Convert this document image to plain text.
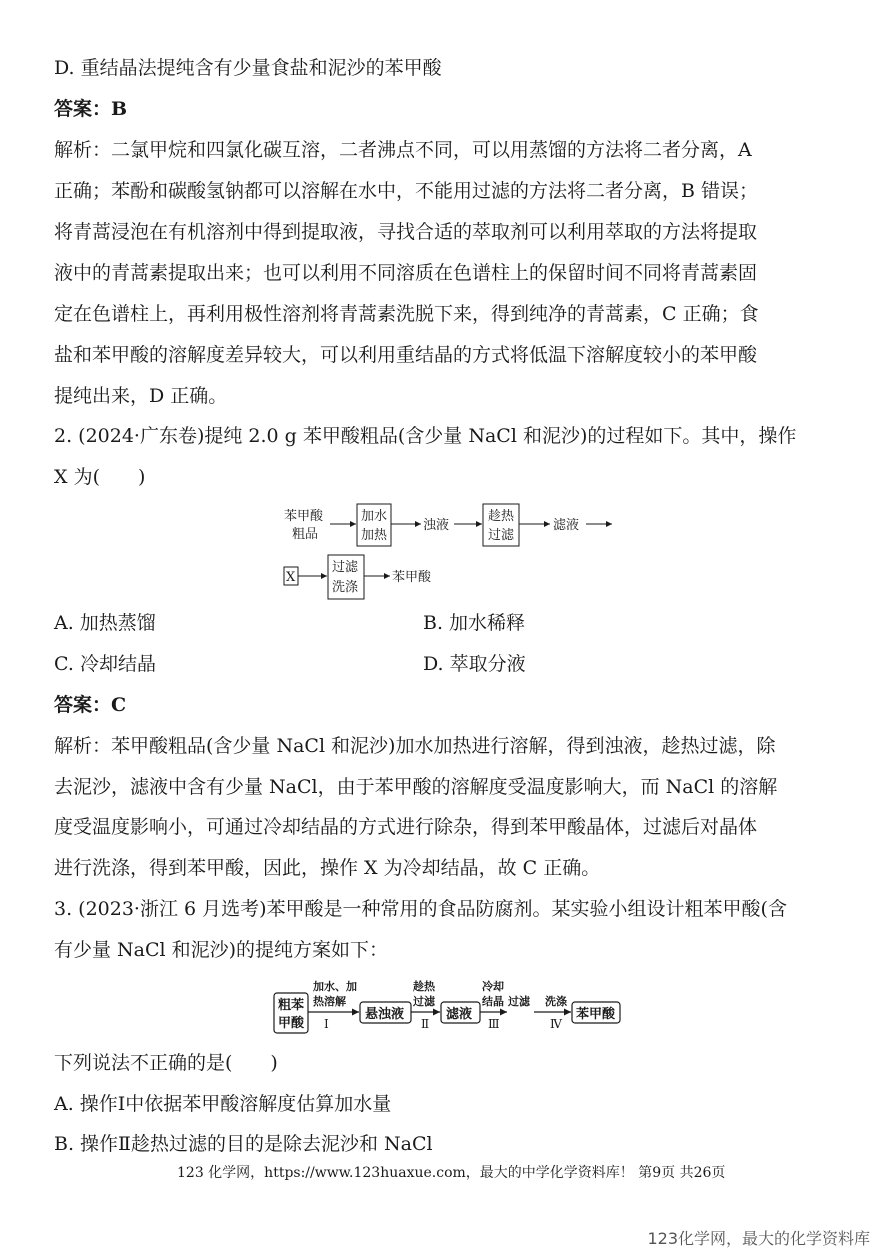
D. 重结晶法提纯含有少量食盐和泥沙的苯甲酸
答案：B
解析：二氯甲烷和四氯化碳互溶，二者沸点不同，可以用蒸馏的方法将二者分离，A
正确；苯酚和碳酸氢钠都可以溶解在水中，不能用过滤的方法将二者分离，B 错误；
将青蒿浸泡在有机溶剂中得到提取液，寻找合适的萃取剂可以利用萃取的方法将提取
液中的青蒿素提取出来；也可以利用不同溶质在色谱柱上的保留时间不同将青蒿素固
定在色谱柱上，再利用极性溶剂将青蒿素洗脱下来，得到纯净的青蒿素，C 正确；食
盐和苯甲酸的溶解度差异较大，可以利用重结晶的方式将低温下溶解度较小的苯甲酸
提纯出来，D 正确。
2. (2024·广东卷)提纯 2.0 g 苯甲酸粗品(含少量 NaCl 和泥沙)的过程如下。其中，操作
X 为(　　)
苯甲酸
粗品
加水
加热
浊液
趁热
过滤
滤液
X
过滤
洗涤
苯甲酸
A. 加热蒸馏	B. 加水稀释
C. 冷却结晶	D. 萃取分液
答案：C
解析：苯甲酸粗品(含少量 NaCl 和泥沙)加水加热进行溶解，得到浊液，趁热过滤，除
去泥沙，滤液中含有少量 NaCl，由于苯甲酸的溶解度受温度影响大，而 NaCl 的溶解
度受温度影响小，可通过冷却结晶的方式进行除杂，得到苯甲酸晶体，过滤后对晶体
进行洗涤，得到苯甲酸，因此，操作 X 为冷却结晶，故 C 正确。
3. (2023·浙江 6 月选考)苯甲酸是一种常用的食品防腐剂。某实验小组设计粗苯甲酸(含
有少量 NaCl 和泥沙)的提纯方案如下：
粗苯
甲酸
加水、加
热溶解
Ⅰ
悬浊液
趁热
过滤
Ⅱ
滤液
冷却
结晶
Ⅲ
过滤 洗涤
Ⅳ
苯甲酸
下列说法不正确的是(　　)
A. 操作Ⅰ中依据苯甲酸溶解度估算加水量
B. 操作Ⅱ趁热过滤的目的是除去泥沙和 NaCl
123 化学网，https://www.123huaxue.com，最大的中学化学资料库！ 第9页 共26页
123化学网，最大的化学资料库
